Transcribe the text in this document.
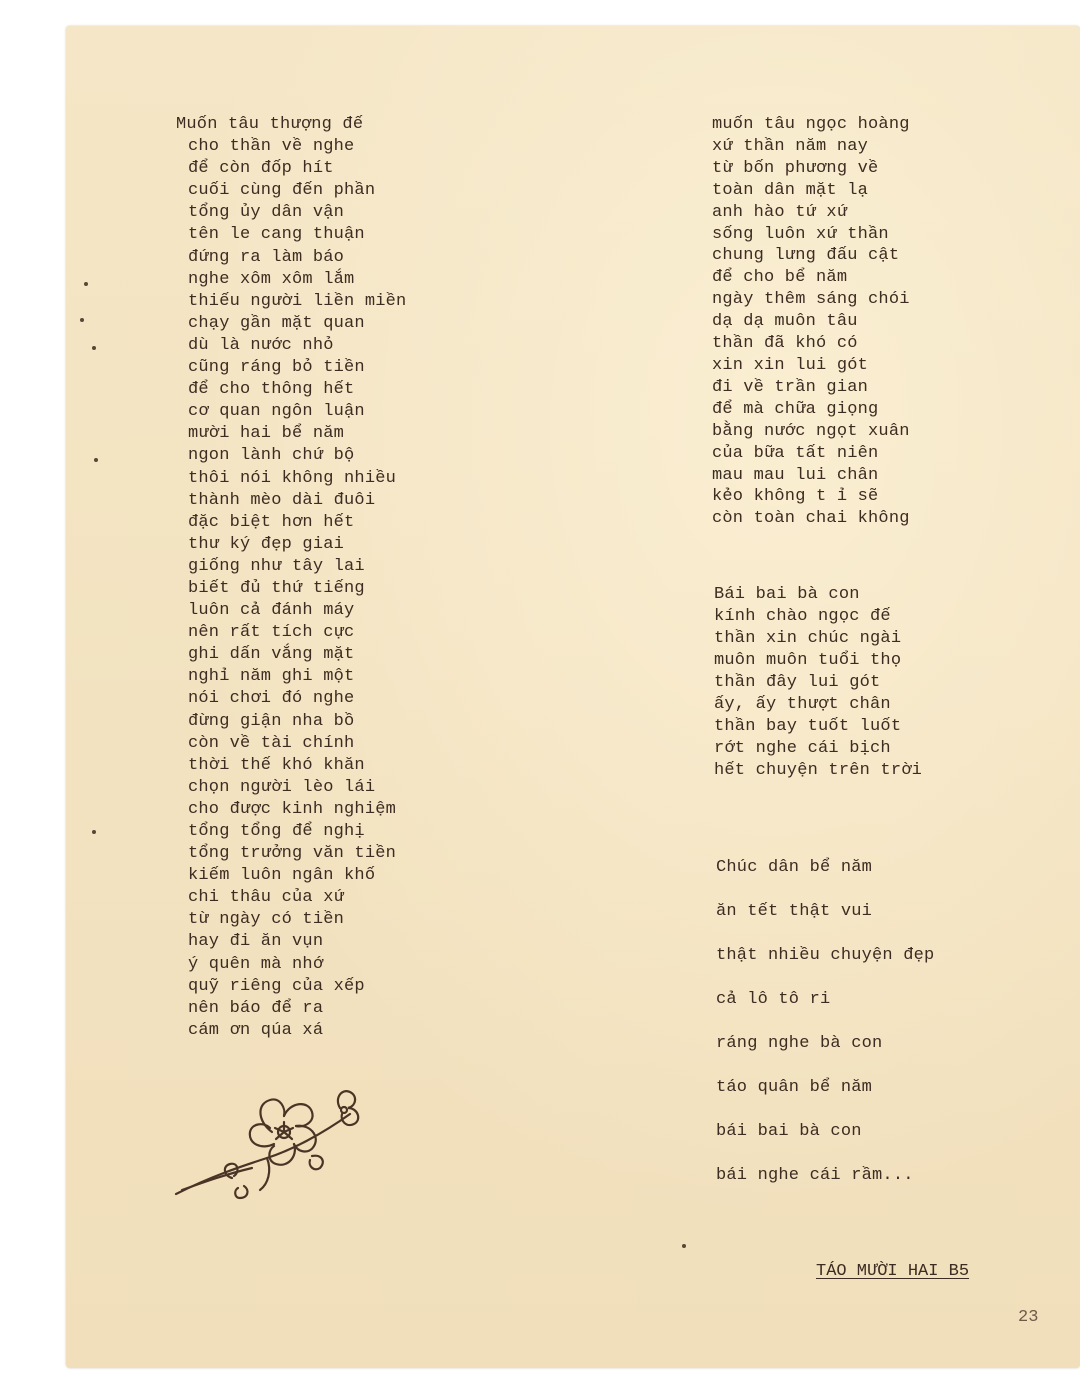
Muốn tâu thượng đế
cho thần về nghe
để còn đốp hít
cuối cùng đến phần
tổng ủy dân vận
tên le cang thuận
đứng ra làm báo
nghe xôm xôm lắm
thiếu người liền miền
chạy gần mặt quan
dù là nước nhỏ
cũng ráng bỏ tiền
để cho thông hết
cơ quan ngôn luận
mười hai bể năm
ngon lành chứ bộ
thôi nói không nhiều
thành mèo dài đuôi
đặc biệt hơn hết
thư ký đẹp giai
giống như tây lai
biết đủ thứ tiếng
luôn cả đánh máy
nên rất tích cực
ghi dấn vắng mặt
nghỉ năm ghi một
nói chơi đó nghe
đừng giận nha bồ
còn về tài chính
thời thế khó khăn
chọn người lèo lái
cho được kinh nghiệm
tổng tổng để nghị
tổng trưởng văn tiền
kiếm luôn ngân khố
chi thâu của xứ
từ ngày có tiền
hay đi ăn vụn
ý quên mà nhớ
quỹ riêng của xếp
nên báo để ra
cám ơn qúa xá
muốn tâu ngọc hoàng
xứ thần năm nay
từ bốn phương về
toàn dân mặt lạ
anh hào tứ xứ
sống luôn xứ thần
chung lưng đấu cật
để cho bể năm
ngày thêm sáng chói
dạ dạ muôn tâu
thần đã khó có
xin xin lui gót
đi về trần gian
để mà chữa giọng
bằng nước ngọt xuân
của bữa tất niên
mau mau lui chân
kẻo không t ỉ sẽ
còn toàn chai không
Bái bai bà con
kính chào ngọc đế
thần xin chúc ngài
muôn muôn tuổi thọ
thần đây lui gót
ấy, ấy thượt chân
thần bay tuốt luốt
rớt nghe cái bịch
hết chuyện trên trời
Chúc dân bể năm
ăn tết thật vui
thật nhiều chuyện đẹp
cả lô tô ri
ráng nghe bà con
táo quân bể năm
bái bai bà con
bái nghe cái rầm...
TÁO MƯỜI HAI B5
23
